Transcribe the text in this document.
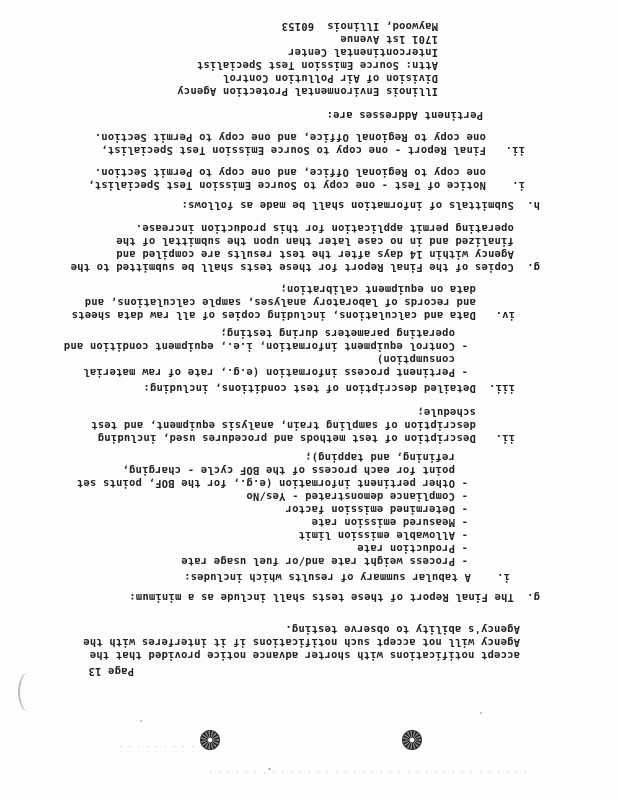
Page 13
accept notifications with shorter advance notice provided that the
Agency will not accept such notifications if it interferes with the
Agency's ability to observe testing.
g.  The Final Report of these tests shall include as a minimum:
i.    A tabular summary of results which includes:
- Process weight rate and/or fuel usage rate
- Production rate
- Allowable emission limit
- Measured emission rate
- Determined emission factor
- Compliance demonstrated - Yes/No
- Other pertinent information (e.g., for the BOF, points set
point for each process of the BOF cycle - charging,
refining, and tapping);
ii.   Description of test methods and procedures used, including
description of sampling train, analysis equipment, and test
schedule;
iii.  Detailed description of test conditions, including:
- Pertinent process information (e.g., rate of raw material
consumption)
- Control equipment information, i.e., equipment condition and
operating parameters during testing;
iv.   Data and calculations, including copies of all raw data sheets
and records of laboratory analyses, sample calculations, and
data on equipment calibration;
g.  Copies of the Final Report for these tests shall be submitted to the
Agency within 14 days after the test results are compiled and
finalized and in no case later than upon the submittal of the
operating permit application for this production increase.
h.  Submittals of information shall be made as follows:
i.    Notice of Test - one copy to Source Emission Test Specialist,
one copy to Regional Office, and one copy to Permit Section.
ii.   Final Report - one copy to Source Emission Test Specialist,
one copy to Regional Office, and one copy to Permit Section.
Pertinent Addresses are:
Illinois Environmental Protection Agency
Division of Air Pollution Control
Attn: Source Emission Test Specialist
Intercontinental Center
1701 1st Avenue
Maywood, Illinois  60153
